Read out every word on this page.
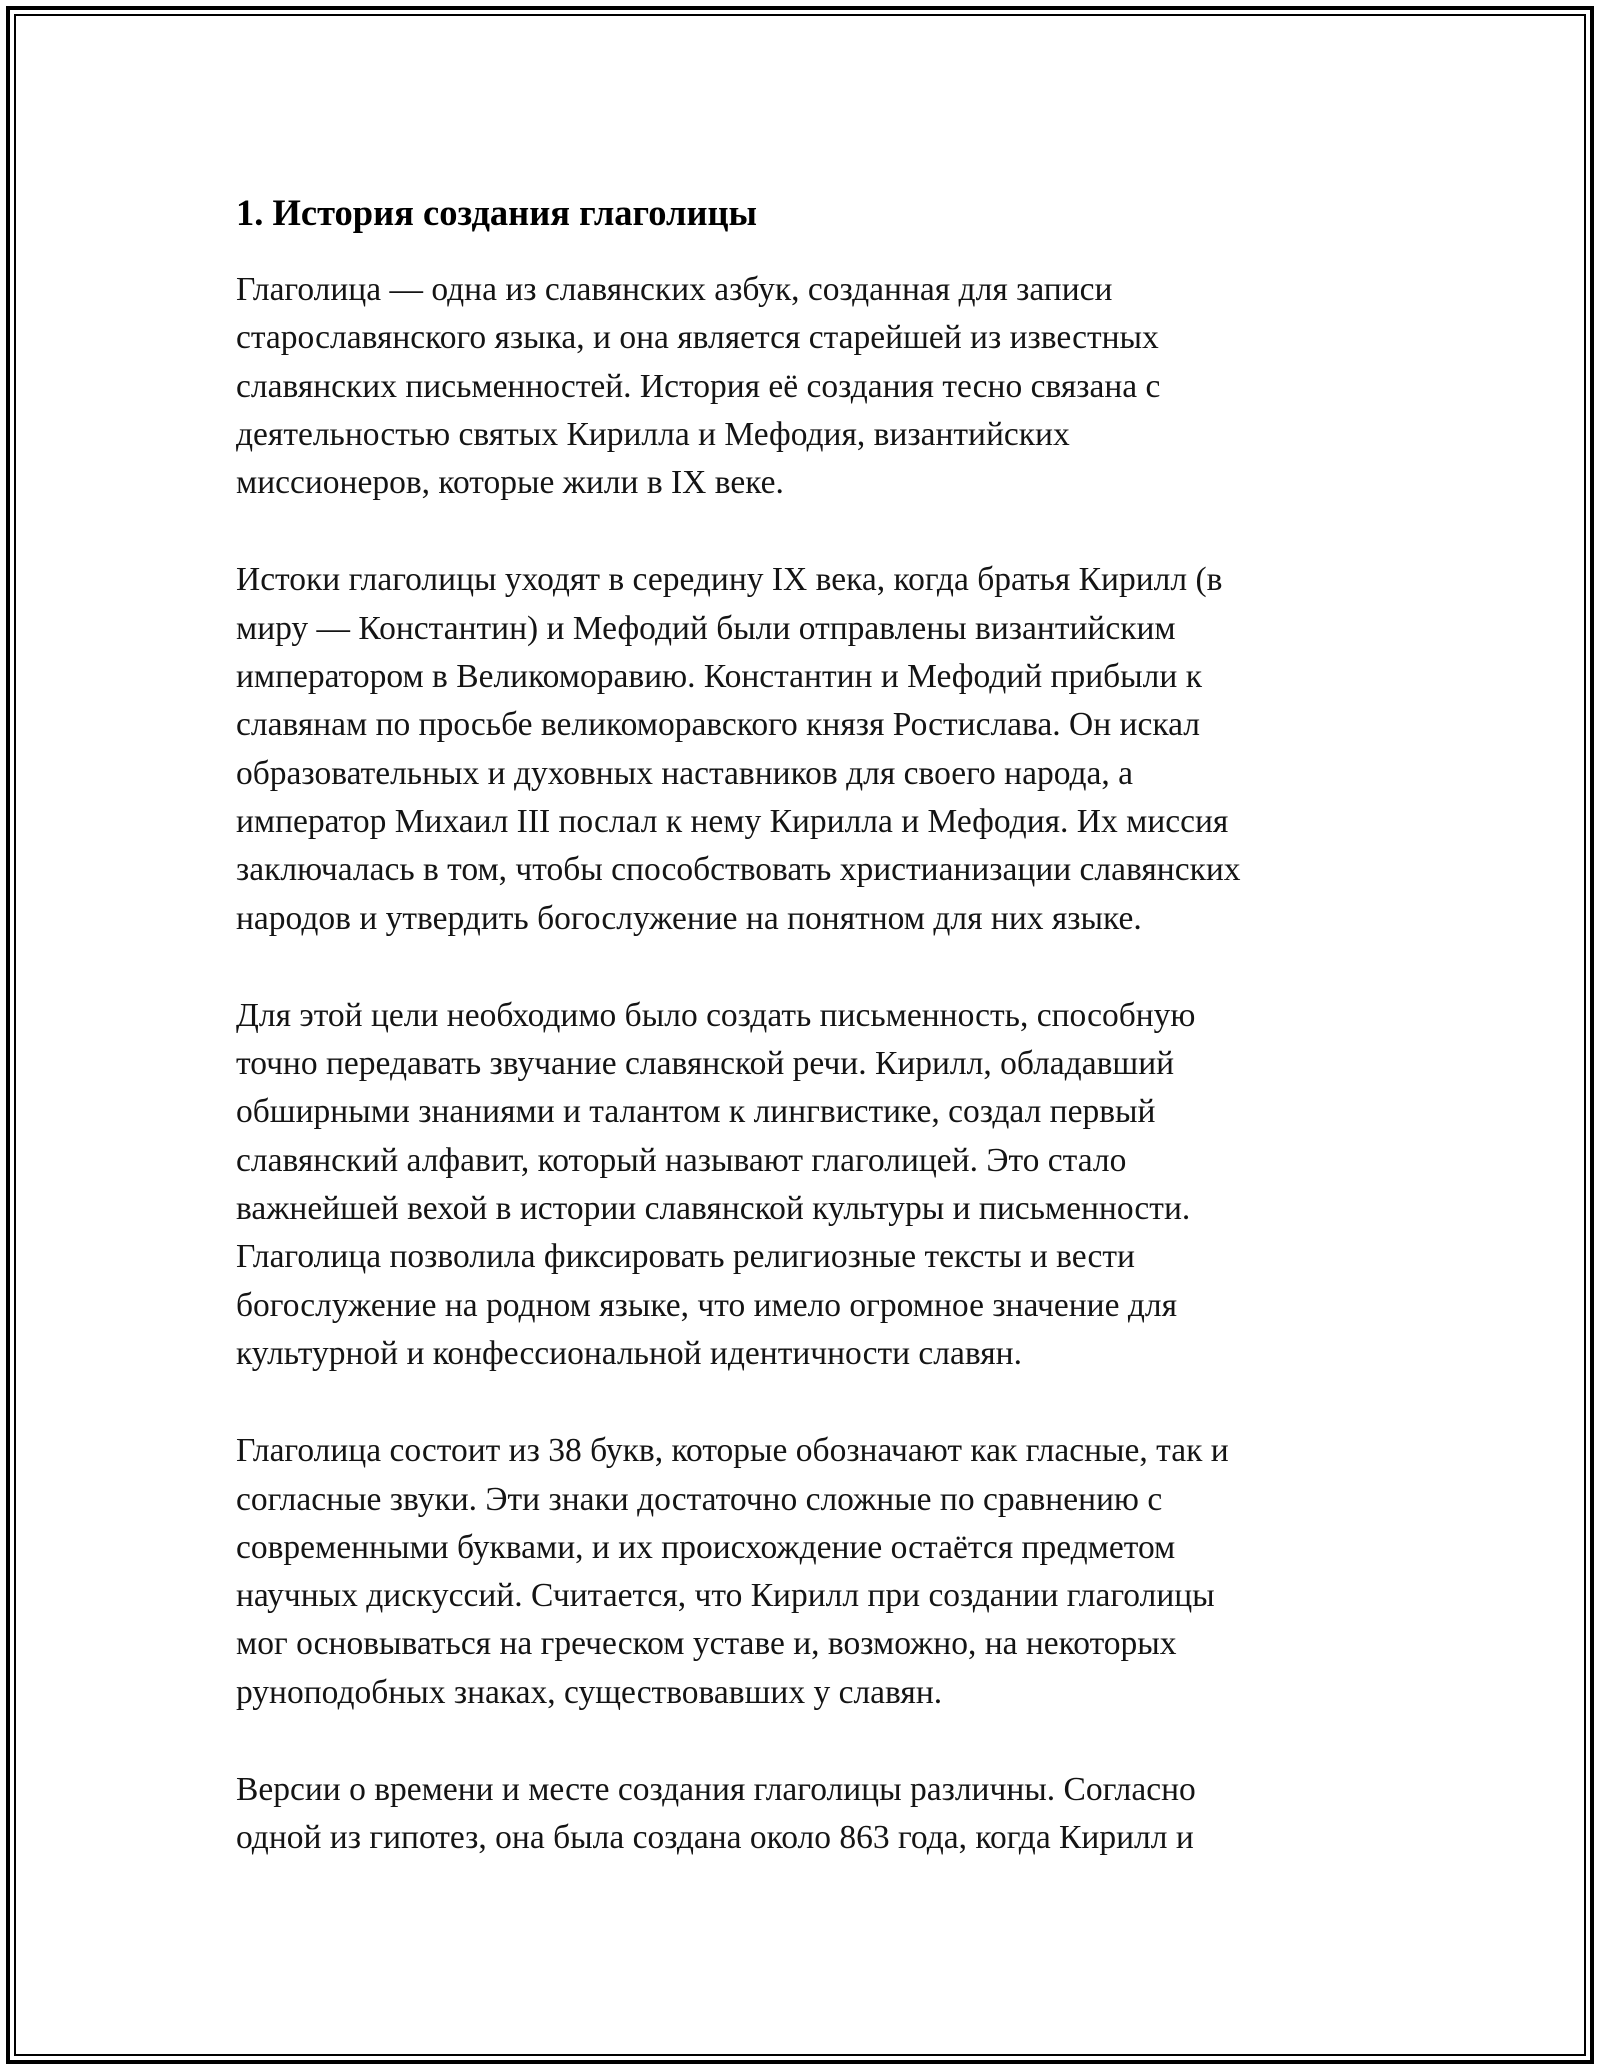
1. История создания глаголицы

Глаголица — одна из славянских азбук, созданная для записи
старославянского языка, и она является старейшей из известных
славянских письменностей. История её создания тесно связана с
деятельностью святых Кирилла и Мефодия, византийских
миссионеров, которые жили в IX веке.

Истоки глаголицы уходят в середину IX века, когда братья Кирилл (в
миру — Константин) и Мефодий были отправлены византийским
императором в Великоморавию. Константин и Мефодий прибыли к
славянам по просьбе великоморавского князя Ростислава. Он искал
образовательных и духовных наставников для своего народа, а
император Михаил III послал к нему Кирилла и Мефодия. Их миссия
заключалась в том, чтобы способствовать христианизации славянских
народов и утвердить богослужение на понятном для них языке.

Для этой цели необходимо было создать письменность, способную
точно передавать звучание славянской речи. Кирилл, обладавший
обширными знаниями и талантом к лингвистике, создал первый
славянский алфавит, который называют глаголицей. Это стало
важнейшей вехой в истории славянской культуры и письменности.
Глаголица позволила фиксировать религиозные тексты и вести
богослужение на родном языке, что имело огромное значение для
культурной и конфессиональной идентичности славян.

Глаголица состоит из 38 букв, которые обозначают как гласные, так и
согласные звуки. Эти знаки достаточно сложные по сравнению с
современными буквами, и их происхождение остаётся предметом
научных дискуссий. Считается, что Кирилл при создании глаголицы
мог основываться на греческом уставе и, возможно, на некоторых
руноподобных знаках, существовавших у славян.

Версии о времени и месте создания глаголицы различны. Согласно
одной из гипотез, она была создана около 863 года, когда Кирилл и
